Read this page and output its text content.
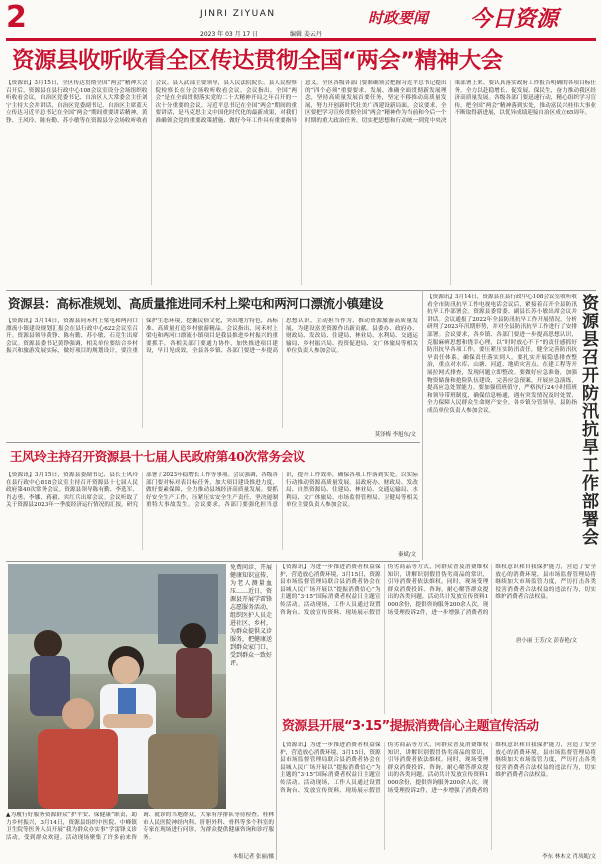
2	JINRI ZIYUAN	时政要闻 今日资源
2023 年 03 月 17 日	编辑 姜云丹
资源县收听收看全区传达贯彻全国“两会”精神大会
【资源讯】3月15日，全区传达贯彻全国“两会”精神大会召开后，资源县在县行政中心108会议室设分会场组织收听收看会议。自治区党委书记、自治区人大常委会主任刘宁主持大会并讲话，自治区党委副书记、自治区主席蓝天立传达习近平总书记在全国“两会”期间重要讲话精神。黄铮、王风玲、陈有勤、苏小敏等在资源县分会场收听收看会议。县人武部主要领导，县人民法院院长，县人民检察院检察长在分会场收听收看会议。会议指出，全国“两会”是在全面贯彻落实党的二十大精神开局之年召开的一次十分重要的会议。习近平总书记在全国“两会”期间的重要讲话，是马克思主义中国化时代化的最新成果，对我们准确领会党的重要政策措施、做好今年工作具有重要指导意义。全区各级各部门要准确领会把握习近平总书记提出的“四个必须”重要要求、发展、准确全面贯彻新发展理念，坚持高质量发展首要任务，坚定不移推动高质量发展，努力开创新时代壮美广西建设新局面。会议要求，全区要把学习宣传贯彻全国“两会”精神作为当前和今后一个时期的重大政治任务，切实把思想和行动统一到党中央决策部署上来。要认真落实政府工作报告明确的各项目标任务，全力以赴稳增长、促发展、保民生，奋力推动我区经济高质量发展。各级各部门要迅速行动，精心组织学习宣传，把全国“两会”精神落到实处，推动富民兴桂伟大事业不断取得新进展，以优异成绩迎接自治区成立65周年。
资源县：高标准规划、高质量推进同禾村上梁屯和两河口漂流小镇建设
【资源讯】3月14日，资源县同禾村上梁屯和两河口漂流小镇建设规划汇报会在县行政中心622会议室召开。资源县领导黄铮、陈有勤、苏小敏、石竞生出席会议。资源县委书记黄铮强调，相关单位要结合乡村振兴和旅游发展实际，做好项目的规划设计，要注重保护生态环境，挖掘民俗文化，突出地方特色，高标准、高质量打造乡村旅游精品。会议指出，同禾村上梁屯和两河口漂流小镇项目是我县推进乡村振兴的重要抓手，各相关部门要通力协作，加快推进项目建设，早日见成效。全县各乡镇、各部门要进一步提高思想认识，主动担当作为，推动资源旅游高质量发展，为建设富美资源作出新贡献。县委办、政府办、财政局、发改局、住建局、林业局、水利局、交通运输局、乡村振兴局、投资促进局、文广体旅局等相关单位负责人参加会议。
莫泽梅 李旭东/文
王风玲主持召开资源县十七届人民政府第40次常务会议
【资源讯】3月15日，资源县委副书记、县长王风玲在县行政中心818会议室主持召开资源县十七届人民政府第40次常务会议。资源县领导陈有勤、李选军、肖志勇、李娜、蒋毅、宾红兵出席会议。会议听取了关于资源县2023年一季度经济运行情况的汇报，研究部署了2023年稳增长工作等事项。会议强调，各级各部门要对标对表目标任务，加大项目建设推进力度，做好要素保障，全力推动县域经济高质量发展。要抓好安全生产工作，压紧压实安全生产责任，坚决遏制重特大事故发生。会议要求，各部门要强化担当意识，提升工作效率，确保各项工作落到实处，以实际行动推动资源高质量发展。县政府办、财政局、发改局、自然资源局、住建局、林业局、交通运输局、水利局、文广体旅局、市场监督管理局、卫健局等相关单位主要负责人参加会议。
秦斌/文
【资源讯】3月14日，资源县在县行政中心108会议室收听收看全市防汛抗旱工作电视电话会议后，紧接着召开全县防汛抗旱工作部署会。资源县委常委、副县长苏小敏出席会议并讲话。会议通报了2022年全县防汛抗旱工作开展情况，分析研判了2023年汛期形势，并对全县防汛抗旱工作进行了安排部署。会议要求，各乡镇、各部门要进一步提高思想认识，克服麻痹思想和侥幸心理，以“时时放心不下”的责任感抓好防汛抗旱各项工作。要压紧压实防汛责任，健全完善防汛抗旱责任体系，确保责任落实到人。要扎实开展隐患排查整治，重点对水库、山塘、河道、地质灾害点、在建工程等开展拉网式排查，发现问题立即整改。要做好应急准备，加强物资储备和抢险队伍建设，完善应急预案，开展应急演练，提高应急处置能力。要加强值班值守，严格执行24小时值班和领导带班制度，确保信息畅通，遇有突发情况及时处置，全力保障人民群众生命财产安全。各乡镇分管领导，县防指成员单位负责人参加会议。
唐小丽 王芳/文 彭春艳/文
资源县召开防汛抗旱工作部署会
免费问诊、开展健康知识宣传、为老人测量血压……近日，资源县开展学雷锋志愿服务活动，组织医护人员走进社区、乡村，为群众提供义诊服务，把健康送到群众家门口，受到群众一致好评。
▲为履行好服务资源群众“护平安、保健康”职责，助力乡村振兴，3月14日，资源县组织中医院、中峰镇卫生院等医务人员开展“我为群众办实事”学雷锋义诊活动，受到群众欢迎。活动现场聚集了许多前来咨询、就诊的当地群众，大家有序排队等待检查。桂林市人民医院神经内科、肝胆外科、骨科等多个科室的专家在现场进行问诊，为群众提供健康咨询和诊疗服务。
本报记者 张丽/摄
【资源讯】为进一步推进消费者权益保护，营造放心消费环境，3月15日，资源县市场监督管理局联合县消费者协会在县城人民广场开展以“提振消费信心”为主题的“3·15”国际消费者权益日主题宣传活动。活动现场，工作人员通过设置咨询台、发放宣传资料、现场展示假冒伪劣商品等方式，向群众普及消费维权知识，讲解识别假冒伪劣商品的常识，引导消费者依法维权。同时，现场受理群众消费投诉、咨询，耐心解答群众提出的各类问题。活动共计发放宣传资料1000余份，提供咨询服务200余人次，现场受理投诉2件，进一步增强了消费者的维权意识和自我保护能力，营造了安全放心的消费环境。县市场监督管理局将继续加大市场监管力度，严厉打击各类侵害消费者合法权益的违法行为，切实维护消费者合法权益。
资源县开展“3·15”提振消费信心主题宣传活动
【资源讯】为进一步推进消费者权益保护，营造放心消费环境，3月15日，资源县市场监督管理局联合县消费者协会在县城人民广场开展以“提振消费信心”为主题的“3·15”国际消费者权益日主题宣传活动。活动现场，工作人员通过设置咨询台、发放宣传资料、现场展示假冒伪劣商品等方式，向群众普及消费维权知识，讲解识别假冒伪劣商品的常识，引导消费者依法维权。同时，现场受理群众消费投诉、咨询，耐心解答群众提出的各类问题。活动共计发放宣传资料1000余份，提供咨询服务200余人次，现场受理投诉2件，进一步增强了消费者的维权意识和自我保护能力，营造了安全放心的消费环境。县市场监督管理局将继续加大市场监管力度，严厉打击各类侵害消费者合法权益的违法行为，切实维护消费者合法权益。
李东 林木文 肖凤妮/文
